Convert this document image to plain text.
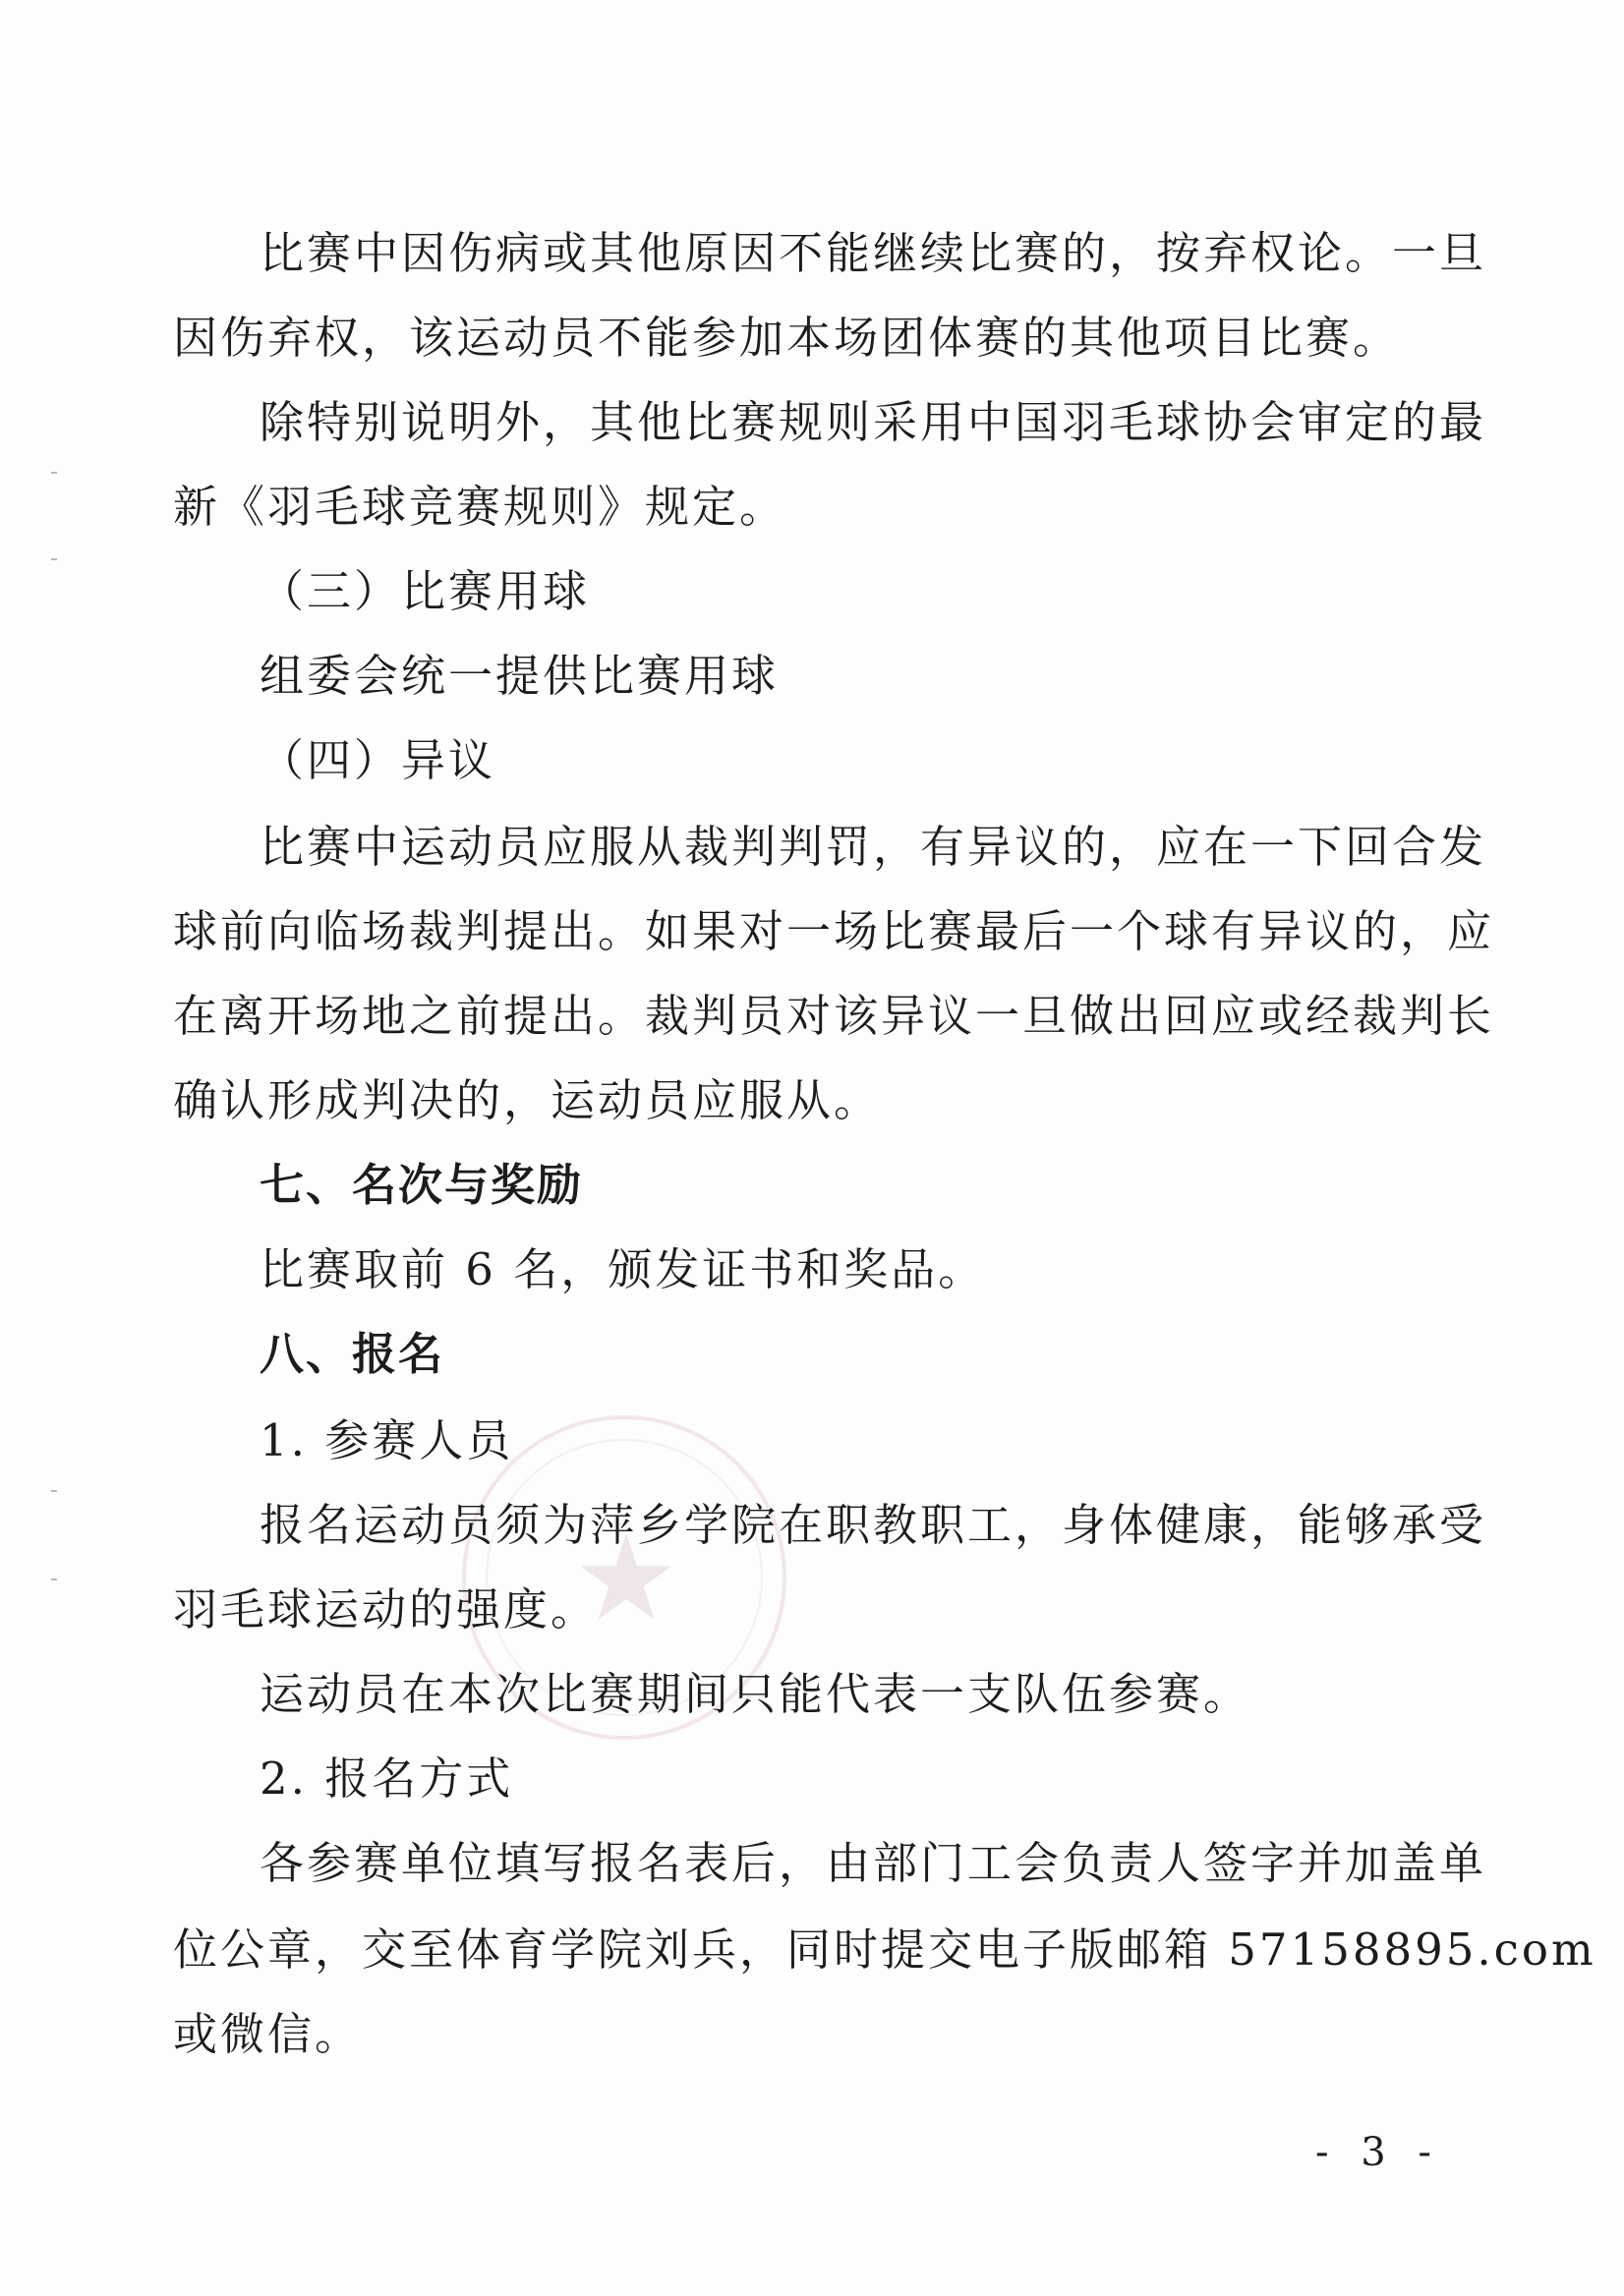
★
比赛中因伤病或其他原因不能继续比赛的，按弃权论。一旦
因伤弃权，该运动员不能参加本场团体赛的其他项目比赛。
除特别说明外，其他比赛规则采用中国羽毛球协会审定的最
新《羽毛球竞赛规则》规定。
（三）比赛用球
组委会统一提供比赛用球
（四）异议
比赛中运动员应服从裁判判罚，有异议的，应在一下回合发
球前向临场裁判提出。如果对一场比赛最后一个球有异议的，应
在离开场地之前提出。裁判员对该异议一旦做出回应或经裁判长
确认形成判决的，运动员应服从。
七、名次与奖励
比赛取前 6 名，颁发证书和奖品。
八、报名
1. 参赛人员
报名运动员须为萍乡学院在职教职工，身体健康，能够承受
羽毛球运动的强度。
运动员在本次比赛期间只能代表一支队伍参赛。
2. 报名方式
各参赛单位填写报名表后，由部门工会负责人签字并加盖单
位公章，交至体育学院刘兵，同时提交电子版邮箱 57158895.com
或微信。
- 3 -
